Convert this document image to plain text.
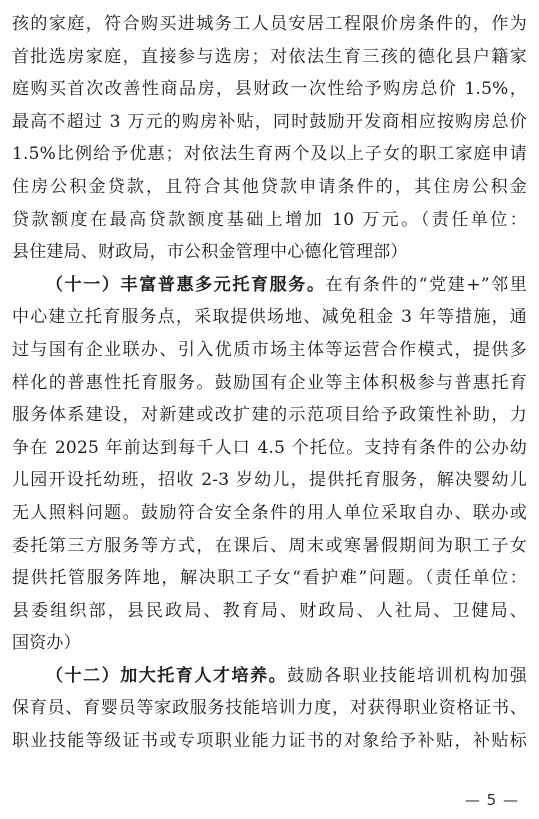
孩的家庭，符合购买进城务工人员安居工程限价房条件的，作为
首批选房家庭，直接参与选房；对依法生育三孩的德化县户籍家
庭购买首次改善性商品房，县财政一次性给予购房总价 1.5%，
最高不超过 3 万元的购房补贴，同时鼓励开发商相应按购房总价
1.5%比例给予优惠；对依法生育两个及以上子女的职工家庭申请
住房公积金贷款，且符合其他贷款申请条件的，其住房公积金
贷款额度在最高贷款额度基础上增加 10 万元。（责任单位：
县住建局、财政局，市公积金管理中心德化管理部）
（十一）丰富普惠多元托育服务。在有条件的“党建+”邻里
中心建立托育服务点，采取提供场地、减免租金 3 年等措施，通
过与国有企业联办、引入优质市场主体等运营合作模式，提供多
样化的普惠性托育服务。鼓励国有企业等主体积极参与普惠托育
服务体系建设，对新建或改扩建的示范项目给予政策性补助，力
争在 2025 年前达到每千人口 4.5 个托位。支持有条件的公办幼
儿园开设托幼班，招收 2-3 岁幼儿，提供托育服务，解决婴幼儿
无人照料问题。鼓励符合安全条件的用人单位采取自办、联办或
委托第三方服务等方式，在课后、周末或寒暑假期间为职工子女
提供托管服务阵地，解决职工子女“看护难”问题。（责任单位：
县委组织部，县民政局、教育局、财政局、人社局、卫健局、
国资办）
（十二）加大托育人才培养。鼓励各职业技能培训机构加强
保育员、育婴员等家政服务技能培训力度，对获得职业资格证书、
职业技能等级证书或专项职业能力证书的对象给予补贴，补贴标
— 5 —
